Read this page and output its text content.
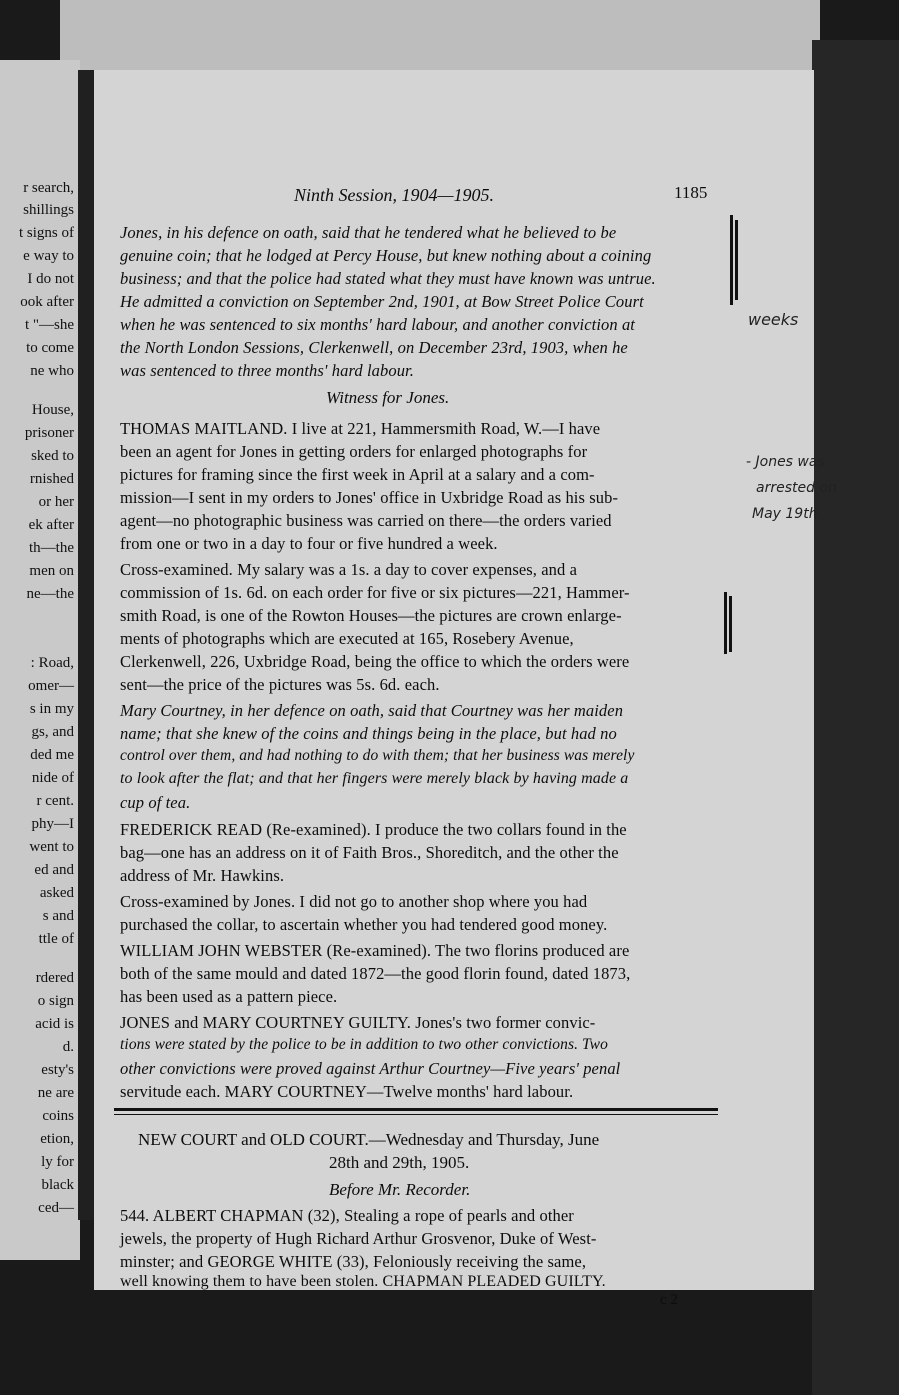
r search,
shillings
t signs of
e way to
I do not
ook after
t "—she
to come
ne who
House,
prisoner
sked to
rnished
or her
ek after
th—the
men on
ne—the
: Road,
omer—
s in my
gs, and
ded me
nide of
r cent.
phy—I
went to
ed and
asked
s and
ttle of
rdered
o sign
acid is
d.
esty's
ne are
coins
etion,
ly for
black
ced—
Ninth Session, 1904—1905.	1185
Jones, in his defence on oath, said that he tendered what he believed to be
genuine coin; that he lodged at Percy House, but knew nothing about a coining
business; and that the police had stated what they must have known was untrue.
He admitted a conviction on September 2nd, 1901, at Bow Street Police Court
when he was sentenced to six months' hard labour, and another conviction at
the North London Sessions, Clerkenwell, on December 23rd, 1903, when he
was sentenced to three months' hard labour.
Witness for Jones.
THOMAS MAITLAND. I live at 221, Hammersmith Road, W.—I have
been an agent for Jones in getting orders for enlarged photographs for
pictures for framing since the first week in April at a salary and a com-
mission—I sent in my orders to Jones' office in Uxbridge Road as his sub-
agent—no photographic business was carried on there—the orders varied
from one or two in a day to four or five hundred a week.
Cross-examined. My salary was a 1s. a day to cover expenses, and a
commission of 1s. 6d. on each order for five or six pictures—221, Hammer-
smith Road, is one of the Rowton Houses—the pictures are crown enlarge-
ments of photographs which are executed at 165, Rosebery Avenue,
Clerkenwell, 226, Uxbridge Road, being the office to which the orders were
sent—the price of the pictures was 5s. 6d. each.
Mary Courtney, in her defence on oath, said that Courtney was her maiden
name; that she knew of the coins and things being in the place, but had no
control over them, and had nothing to do with them; that her business was merely
to look after the flat; and that her fingers were merely black by having made a
cup of tea.
FREDERICK READ (Re-examined). I produce the two collars found in the
bag—one has an address on it of Faith Bros., Shoreditch, and the other the
address of Mr. Hawkins.
Cross-examined by Jones. I did not go to another shop where you had
purchased the collar, to ascertain whether you had tendered good money.
WILLIAM JOHN WEBSTER (Re-examined). The two florins produced are
both of the same mould and dated 1872—the good florin found, dated 1873,
has been used as a pattern piece.
JONES and MARY COURTNEY GUILTY. Jones's two former convic-
tions were stated by the police to be in addition to two other convictions. Two
other convictions were proved against Arthur Courtney—Five years' penal
servitude each. MARY COURTNEY—Twelve months' hard labour.
NEW COURT and OLD COURT.—Wednesday and Thursday, June
28th and 29th, 1905.
Before Mr. Recorder.
544. ALBERT CHAPMAN (32), Stealing a rope of pearls and other
jewels, the property of Hugh Richard Arthur Grosvenor, Duke of West-
minster; and GEORGE WHITE (33), Feloniously receiving the same,
well knowing them to have been stolen. CHAPMAN PLEADED GUILTY.
c 2
weeks
- Jones was
arrested on
May 19th
